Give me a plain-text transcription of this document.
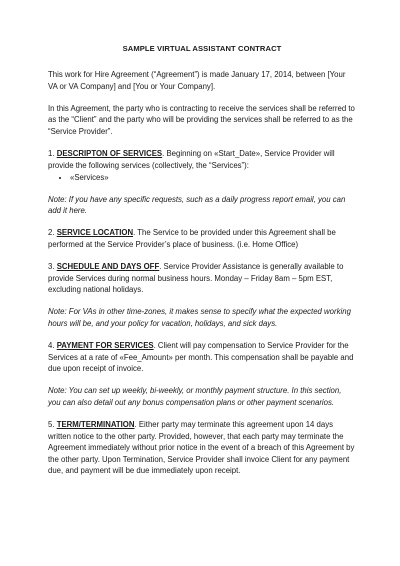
SAMPLE VIRTUAL ASSISTANT CONTRACT

This work for Hire Agreement (“Agreement”) is made January 17, 2014, between [Your VA or VA Company] and [You or Your Company].

In this Agreement, the party who is contracting to receive the services shall be referred to as the “Client” and the party who will be providing the services shall be referred to as the “Service Provider”.

1. DESCRIPTON OF SERVICES. Beginning on «Start_Date», Service Provider will provide the following services (collectively, the “Services”):

• «Services»

Note: If you have any specific requests, such as a daily progress report email, you can add it here.

2. SERVICE LOCATION. The Service to be provided under this Agreement shall be performed at the Service Provider’s place of business. (i.e. Home Office)

3. SCHEDULE AND DAYS OFF. Service Provider Assistance is generally available to provide Services during normal business hours. Monday – Friday 8am – 5pm EST, excluding national holidays.

Note: For VAs in other time-zones, it makes sense to specify what the expected working hours will be, and your policy for vacation, holidays, and sick days.

4. PAYMENT FOR SERVICES. Client will pay compensation to Service Provider for the Services at a rate of «Fee_Amount» per month. This compensation shall be payable and due upon receipt of invoice.

Note: You can set up weekly, bi-weekly, or monthly payment structure. In this section, you can also detail out any bonus compensation plans or other payment scenarios.

5. TERM/TERMINATION. Either party may terminate this agreement upon 14 days written notice to the other party. Provided, however, that each party may terminate the Agreement immediately without prior notice in the event of a breach of this Agreement by the other party. Upon Termination, Service Provider shall invoice Client for any payment due, and payment will be due immediately upon receipt.
